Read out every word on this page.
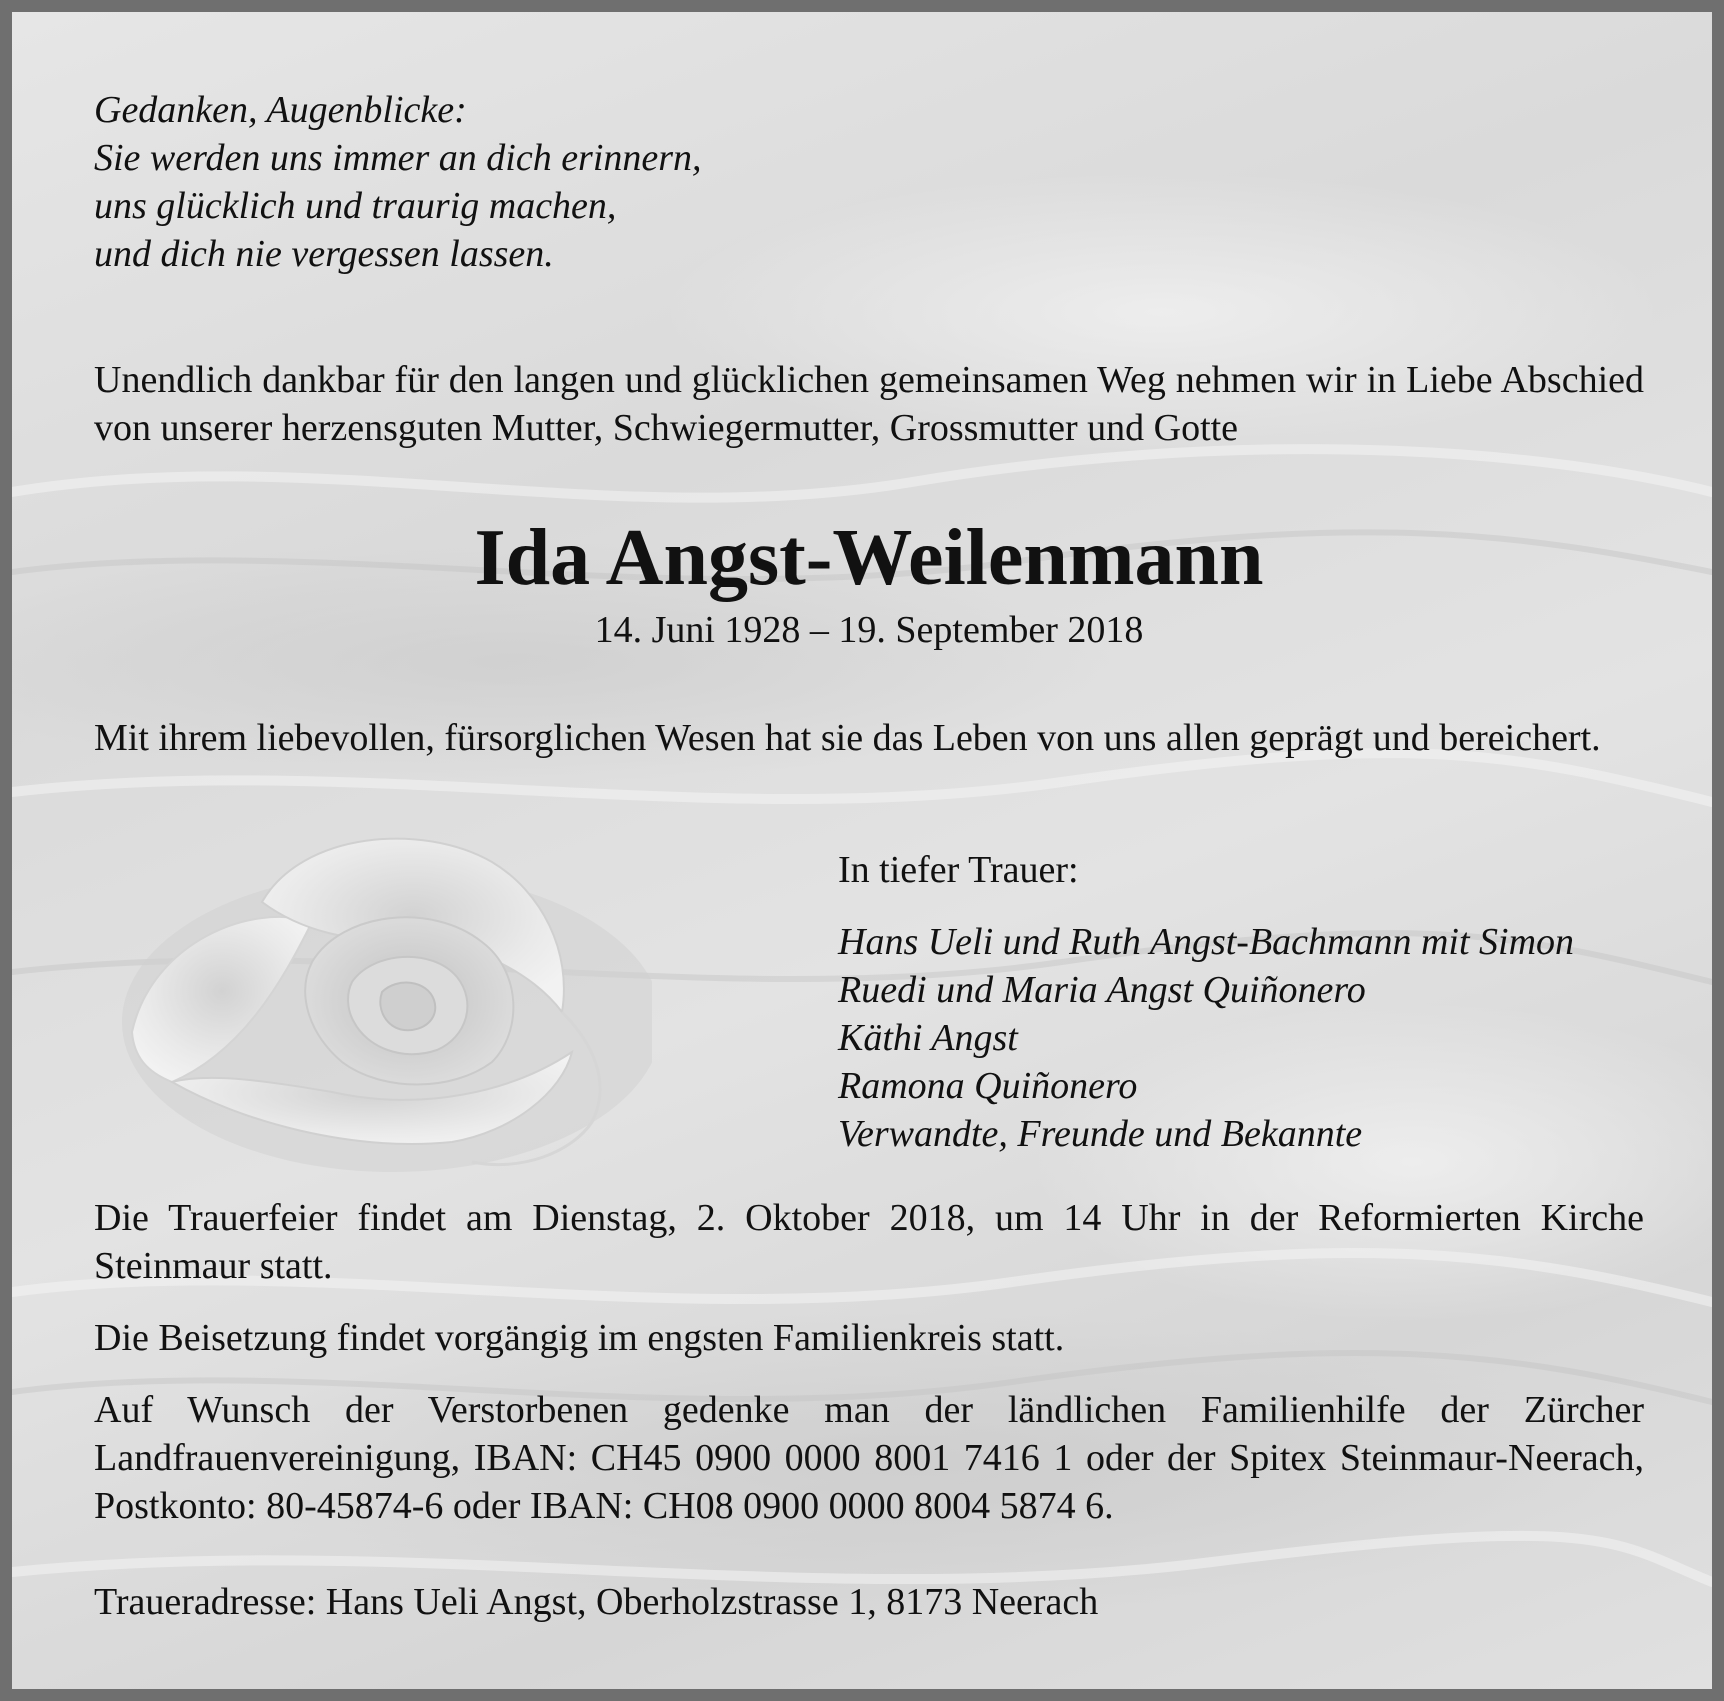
Gedanken, Augenblicke:

Sie werden uns immer an dich erinnern,

uns glücklich und traurig machen,

und dich nie vergessen lassen.

Unendlich dankbar für den langen und glücklichen gemeinsamen Weg nehmen wir in Liebe Abschied von unserer herzensguten Mutter, Schwiegermutter, Grossmutter und Gotte

Ida Angst-Weilenmann
14. Juni 1928 – 19. September 2018

Mit ihrem liebevollen, fürsorglichen Wesen hat sie das Leben von uns allen geprägt und bereichert.

In tiefer Trauer:

Hans Ueli und Ruth Angst-Bachmann mit Simon

Ruedi und Maria Angst Quiñonero

Käthi Angst

Ramona Quiñonero

Verwandte, Freunde und Bekannte

Die Trauerfeier findet am Dienstag, 2. Oktober 2018, um 14 Uhr in der Reformierten Kirche Steinmaur statt.

Die Beisetzung findet vorgängig im engsten Familienkreis statt.

Auf Wunsch der Verstorbenen gedenke man der ländlichen Familienhilfe der Zürcher Landfrauenvereinigung, IBAN: CH45 0900 0000 8001 7416 1 oder der Spitex Steinmaur-Neerach, Postkonto: 80-45874-6 oder IBAN: CH08 0900 0000 8004 5874 6.

Traueradresse: Hans Ueli Angst, Oberholzstrasse 1, 8173 Neerach
